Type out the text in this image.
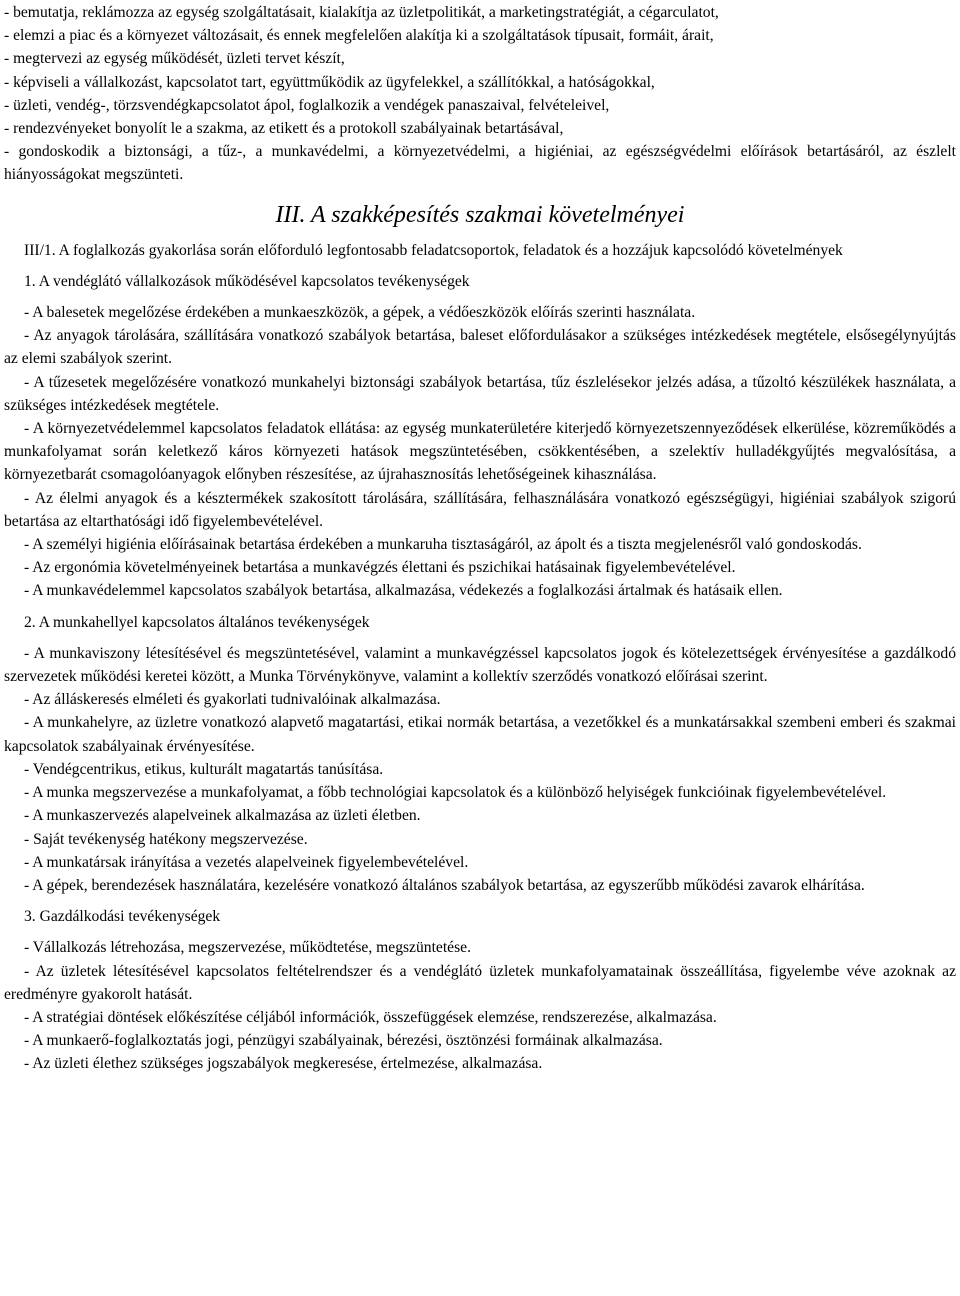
- bemutatja, reklámozza az egység szolgáltatásait, kialakítja az üzletpolitikát, a marketingstratégiát, a cégarculatot,

- elemzi a piac és a környezet változásait, és ennek megfelelően alakítja ki a szolgáltatások típusait, formáit, árait,

- megtervezi az egység működését, üzleti tervet készít,

- képviseli a vállalkozást, kapcsolatot tart, együttműködik az ügyfelekkel, a szállítókkal, a hatóságokkal,

- üzleti, vendég-, törzsvendégkapcsolatot ápol, foglalkozik a vendégek panaszaival, felvételeivel,

- rendezvényeket bonyolít le a szakma, az etikett és a protokoll szabályainak betartásával,

- gondoskodik a biztonsági, a tűz-, a munkavédelmi, a környezetvédelmi, a higiéniai, az egészségvédelmi előírások betartásáról, az észlelt hiányosságokat megszünteti.

III. A szakképesítés szakmai követelményei

III/1. A foglalkozás gyakorlása során előforduló legfontosabb feladatcsoportok, feladatok és a hozzájuk kapcsolódó követelmények

1. A vendéglátó vállalkozások működésével kapcsolatos tevékenységek

- A balesetek megelőzése érdekében a munkaeszközök, a gépek, a védőeszközök előírás szerinti használata.

- Az anyagok tárolására, szállítására vonatkozó szabályok betartása, baleset előfordulásakor a szükséges intézkedések megtétele, elsősegélynyújtás az elemi szabályok szerint.

- A tűzesetek megelőzésére vonatkozó munkahelyi biztonsági szabályok betartása, tűz észlelésekor jelzés adása, a tűzoltó készülékek használata, a szükséges intézkedések megtétele.

- A környezetvédelemmel kapcsolatos feladatok ellátása: az egység munkaterületére kiterjedő környezetszennyeződések elkerülése, közreműködés a munkafolyamat során keletkező káros környezeti hatások megszüntetésében, csökkentésében, a szelektív hulladékgyűjtés megvalósítása, a környezetbarát csomagolóanyagok előnyben részesítése, az újrahasznosítás lehetőségeinek kihasználása.

- Az élelmi anyagok és a késztermékek szakosított tárolására, szállítására, felhasználására vonatkozó egészségügyi, higiéniai szabályok szigorú betartása az eltarthatósági idő figyelembevételével.

- A személyi higiénia előírásainak betartása érdekében a munkaruha tisztaságáról, az ápolt és a tiszta megjelenésről való gondoskodás.

- Az ergonómia követelményeinek betartása a munkavégzés élettani és pszichikai hatásainak figyelembevételével.

- A munkavédelemmel kapcsolatos szabályok betartása, alkalmazása, védekezés a foglalkozási ártalmak és hatásaik ellen.

2. A munkahellyel kapcsolatos általános tevékenységek

- A munkaviszony létesítésével és megszüntetésével, valamint a munkavégzéssel kapcsolatos jogok és kötelezettségek érvényesítése a gazdálkodó szervezetek működési keretei között, a Munka Törvénykönyve, valamint a kollektív szerződés vonatkozó előírásai szerint.

- Az álláskeresés elméleti és gyakorlati tudnivalóinak alkalmazása.

- A munkahelyre, az üzletre vonatkozó alapvető magatartási, etikai normák betartása, a vezetőkkel és a munkatársakkal szembeni emberi és szakmai kapcsolatok szabályainak érvényesítése.

- Vendégcentrikus, etikus, kulturált magatartás tanúsítása.

- A munka megszervezése a munkafolyamat, a főbb technológiai kapcsolatok és a különböző helyiségek funkcióinak figyelembevételével.

- A munkaszervezés alapelveinek alkalmazása az üzleti életben.

- Saját tevékenység hatékony megszervezése.

- A munkatársak irányítása a vezetés alapelveinek figyelembevételével.

- A gépek, berendezések használatára, kezelésére vonatkozó általános szabályok betartása, az egyszerűbb működési zavarok elhárítása.

3. Gazdálkodási tevékenységek

- Vállalkozás létrehozása, megszervezése, működtetése, megszüntetése.

- Az üzletek létesítésével kapcsolatos feltételrendszer és a vendéglátó üzletek munkafolyamatainak összeállítása, figyelembe véve azoknak az eredményre gyakorolt hatását.

- A stratégiai döntések előkészítése céljából információk, összefüggések elemzése, rendszerezése, alkalmazása.

- A munkaerő-foglalkoztatás jogi, pénzügyi szabályainak, bérezési, ösztönzési formáinak alkalmazása.

- Az üzleti élethez szükséges jogszabályok megkeresése, értelmezése, alkalmazása.
